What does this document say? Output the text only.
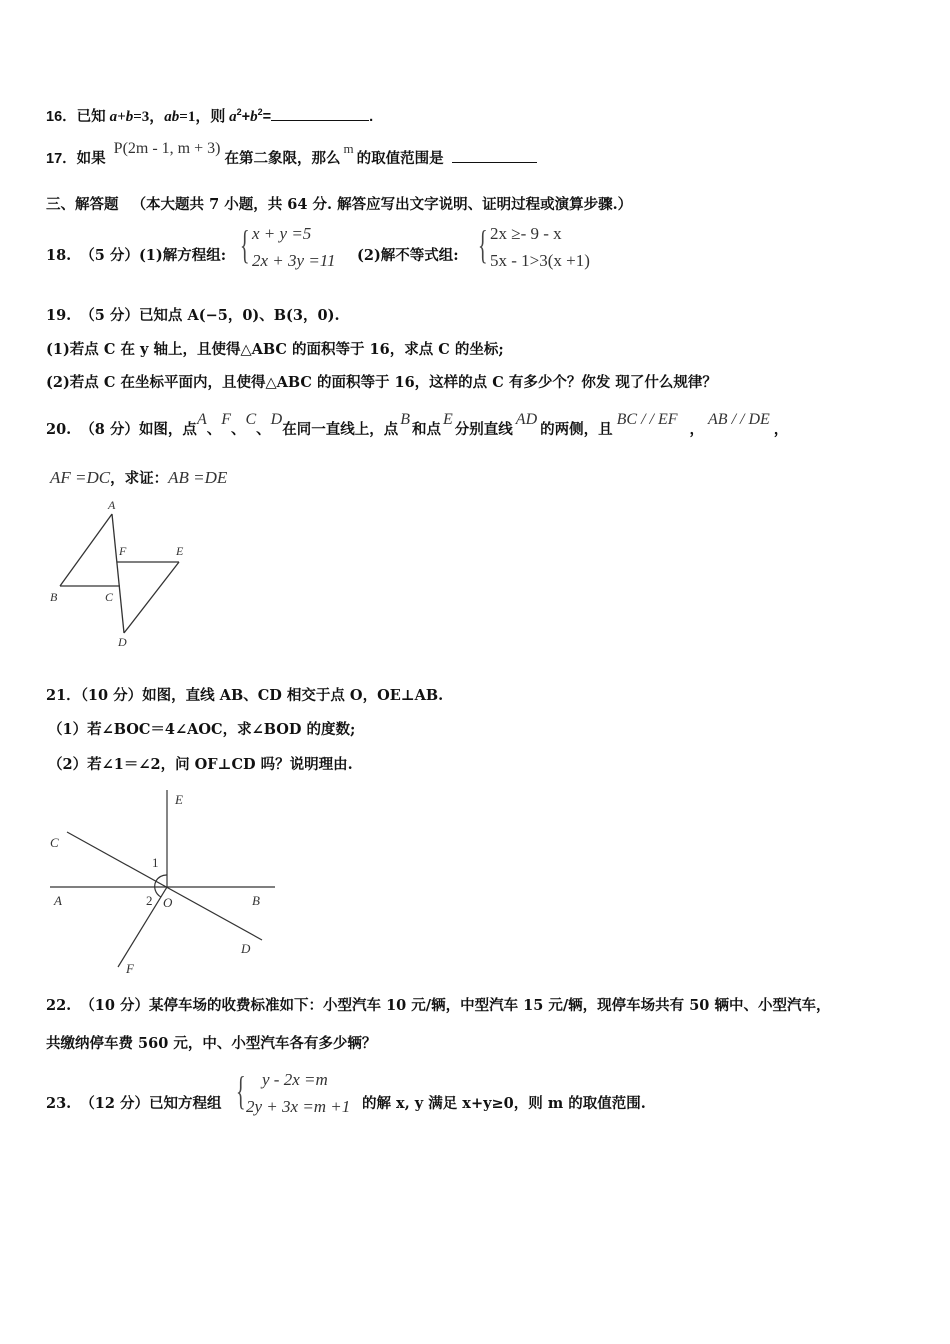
16．已知 a+b=3，ab=1，则 $a^2+b^2=$	.
17．如果 P(2m - 1, m + 3)在第二象限，那么m的取值范围是
三、解答题 （本大题共 7 小题，共 64 分. 解答应写出文字说明、证明过程或演算步骤.）
18. （5 分）(1)解方程组: { x + y =5
2x + 3y =11 (2)解不等式组: { 2x ≥- 9 - x
5x - 1>3(x +1)
19. （5 分）已知点 A(−5，0)、B(3，0).
(1)若点 C 在 y 轴上，且使得△ABC 的面积等于 16，求点 C 的坐标;
(2)若点 C 在坐标平面内，且使得△ABC 的面积等于 16，这样的点 C 有多少个？你发 现了什么规律？
20. （8 分）如图，点A、F、C、D在同一直线上，点B和点E分别直线AD的两侧，且BC / / EF，AB / / DE，
AF =DC，求证：AB =DE
A
B	C
D
E
F
21．（10 分）如图，直线 AB、CD 相交于点 O，OE⊥AB.
（1）若∠BOC＝4∠AOC，求∠BOD 的度数;
（2）若∠1＝∠2，问 OF⊥CD 吗？说明理由.
E
C
A	B
O
D
F
1
2
22. （10 分）某停车场的收费标准如下：小型汽车 10 元/辆，中型汽车 15 元/辆，现停车场共有 50 辆中、小型汽车，
共缴纳停车费 560 元，中、小型汽车各有多少辆？
23. （12 分）已知方程组 { y - 2x =m
2y + 3x =m +1 的解 x, y 满足 x+y≥0，则 m 的取值范围.
